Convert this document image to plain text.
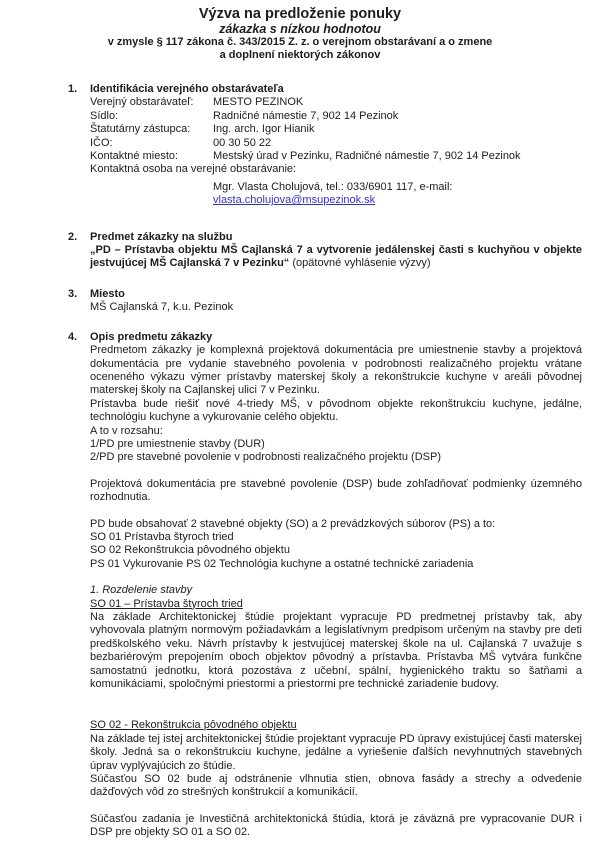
Výzva na predloženie ponuky
zákazka s nízkou hodnotou
v zmysle § 117 zákona č. 343/2015 Z. z. o verejnom obstarávaní a o zmene
a doplnení niektorých zákonov
1.	Identifikácia verejného obstarávateľa
Verejný obstarávateľ:	MESTO PEZINOK
Sídlo:	Radničné námestie 7, 902 14 Pezinok
Štatutárny zástupca:	Ing. arch. Igor Hianik
IČO:	00 30 50 22
Kontaktné miesto:	Mestský úrad v Pezinku, Radničné námestie 7, 902 14 Pezinok
Kontaktná osoba na verejné obstarávanie:
Mgr. Vlasta Cholujová, tel.: 033/6901 117, e-mail:
vlasta.cholujova@msupezinok.sk
2.	Predmet zákazky na službu
„PD – Prístavba objektu MŠ Cajlanská 7 a vytvorenie jedálenskej časti s kuchyňou v objekte jestvujúcej MŠ Cajlanská 7 v Pezinku“ (opätovné vyhlásenie výzvy)
3.	Miesto
MŠ Cajlanská 7, k.u. Pezinok
4.	Opis predmetu zákazky
Predmetom zákazky je komplexná projektová dokumentácia pre umiestnenie stavby a projektová dokumentácia pre vydanie stavebného povolenia v podrobnosti realizačného projektu vrátane oceneného výkazu výmer prístavby materskej školy a rekonštrukcie kuchyne v areáli pôvodnej materskej školy na Cajlanskej ulici 7 v Pezinku.
Prístavba bude riešiť nové 4-triedy MŠ, v pôvodnom objekte rekonštrukciu kuchyne, jedálne, technológiu kuchyne a vykurovanie celého objektu.
A to v rozsahu:
1/PD pre umiestnenie stavby (DUR)
2/PD pre stavebné povolenie v podrobnosti realizačného projektu (DSP)
Projektová dokumentácia pre stavebné povolenie (DSP) bude zohľadňovať podmienky územného rozhodnutia.
PD bude obsahovať 2 stavebné objekty (SO) a 2 prevádzkových súborov (PS) a to:
SO 01 Prístavba štyroch tried
SO 02 Rekonštrukcia pôvodného objektu
PS 01 Vykurovanie PS 02 Technológia kuchyne a ostatné technické zariadenia
1. Rozdelenie stavby
SO 01 – Prístavba štyroch tried
Na základe Architektonickej štúdie projektant vypracuje PD predmetnej prístavby tak, aby vyhovovala platným normovým požiadavkám a legislatívnym predpisom určeným na stavby pre deti predškolského veku. Návrh prístavby k jestvujúcej materskej škole na ul. Cajlanská 7 uvažuje s bezbariérovým prepojením oboch objektov pôvodný a prístavba. Prístavba MŠ vytvára funkčne samostatnú jednotku, ktorá pozostáva z učební, spální, hygienického traktu so šatňami a komunikáciami, spoločnými priestormi a priestormi pre technické zariadenie budovy.
SO 02 - Rekonštrukcia pôvodného objektu
Na základe tej istej architektonickej štúdie projektant vypracuje PD úpravy existujúcej časti materskej školy. Jedná sa o rekonštrukciu kuchyne, jedálne a vyriešenie ďalších nevyhnutných stavebných úprav vyplývajúcich zo štúdie.
Súčasťou SO 02 bude aj odstránenie vlhnutia stien, obnova fasády a strechy a odvedenie dažďových vôd zo strešných konštrukcií a komunikácií.
Súčasťou zadania je Investičná architektonická štúdia, ktorá je záväzná pre vypracovanie DUR i DSP pre objekty SO 01 a SO 02.
